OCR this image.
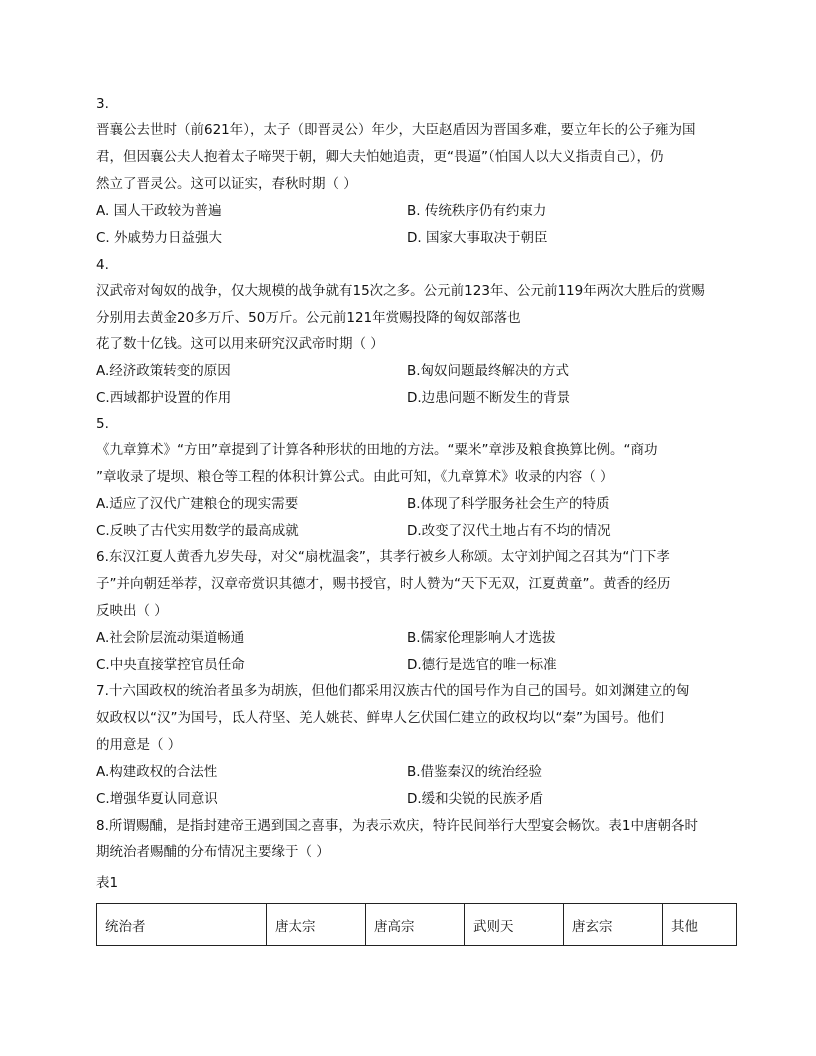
3.
晋襄公去世时（前621年），太子（即晋灵公）年少，大臣赵盾因为晋国多难，要立年长的公子雍为国
君，但因襄公夫人抱着太子啼哭于朝，卿大夫怕她追责，更“畏逼”（怕国人以大义指责自己），仍
然立了晋灵公。这可以证实，春秋时期（ ）
A. 国人干政较为普遍	B. 传统秩序仍有约束力
C. 外戚势力日益强大	D. 国家大事取决于朝臣
4.
汉武帝对匈奴的战争，仅大规模的战争就有15次之多。公元前123年、公元前119年两次大胜后的赏赐
分别用去黄金20多万斤、50万斤。公元前121年赏赐投降的匈奴部落也
花了数十亿钱。这可以用来研究汉武帝时期（ ）
A.经济政策转变的原因	B.匈奴问题最终解决的方式
C.西域都护设置的作用	D.边患问题不断发生的背景
5.
《九章算术》“方田”章提到了计算各种形状的田地的方法。“粟米”章涉及粮食换算比例。“商功
”章收录了堤坝、粮仓等工程的体积计算公式。由此可知，《九章算术》收录的内容（ ）
A.适应了汉代广建粮仓的现实需要	B.体现了科学服务社会生产的特质
C.反映了古代实用数学的最高成就	D.改变了汉代土地占有不均的情况
6.东汉江夏人黄香九岁失母，对父“扇枕温衾”，其孝行被乡人称颂。太守刘护闻之召其为“门下孝
子”并向朝廷举荐，汉章帝赏识其德才，赐书授官，时人赞为“天下无双，江夏黄童”。黄香的经历
反映出（ ）
A.社会阶层流动渠道畅通	B.儒家伦理影响人才选拔
C.中央直接掌控官员任命	D.德行是选官的唯一标准
7.十六国政权的统治者虽多为胡族，但他们都采用汉族古代的国号作为自己的国号。如刘渊建立的匈
奴政权以“汉”为国号，氐人苻坚、羌人姚苌、鲜卑人乞伏国仁建立的政权均以“秦”为国号。他们
的用意是（ ）
A.构建政权的合法性	B.借鉴秦汉的统治经验
C.增强华夏认同意识	D.缓和尖锐的民族矛盾
8.所谓赐酺，是指封建帝王遇到国之喜事，为表示欢庆，特许民间举行大型宴会畅饮。表1中唐朝各时
期统治者赐酺的分布情况主要缘于（ ）
表1
统治者	唐太宗	唐高宗	武则天	唐玄宗	其他
